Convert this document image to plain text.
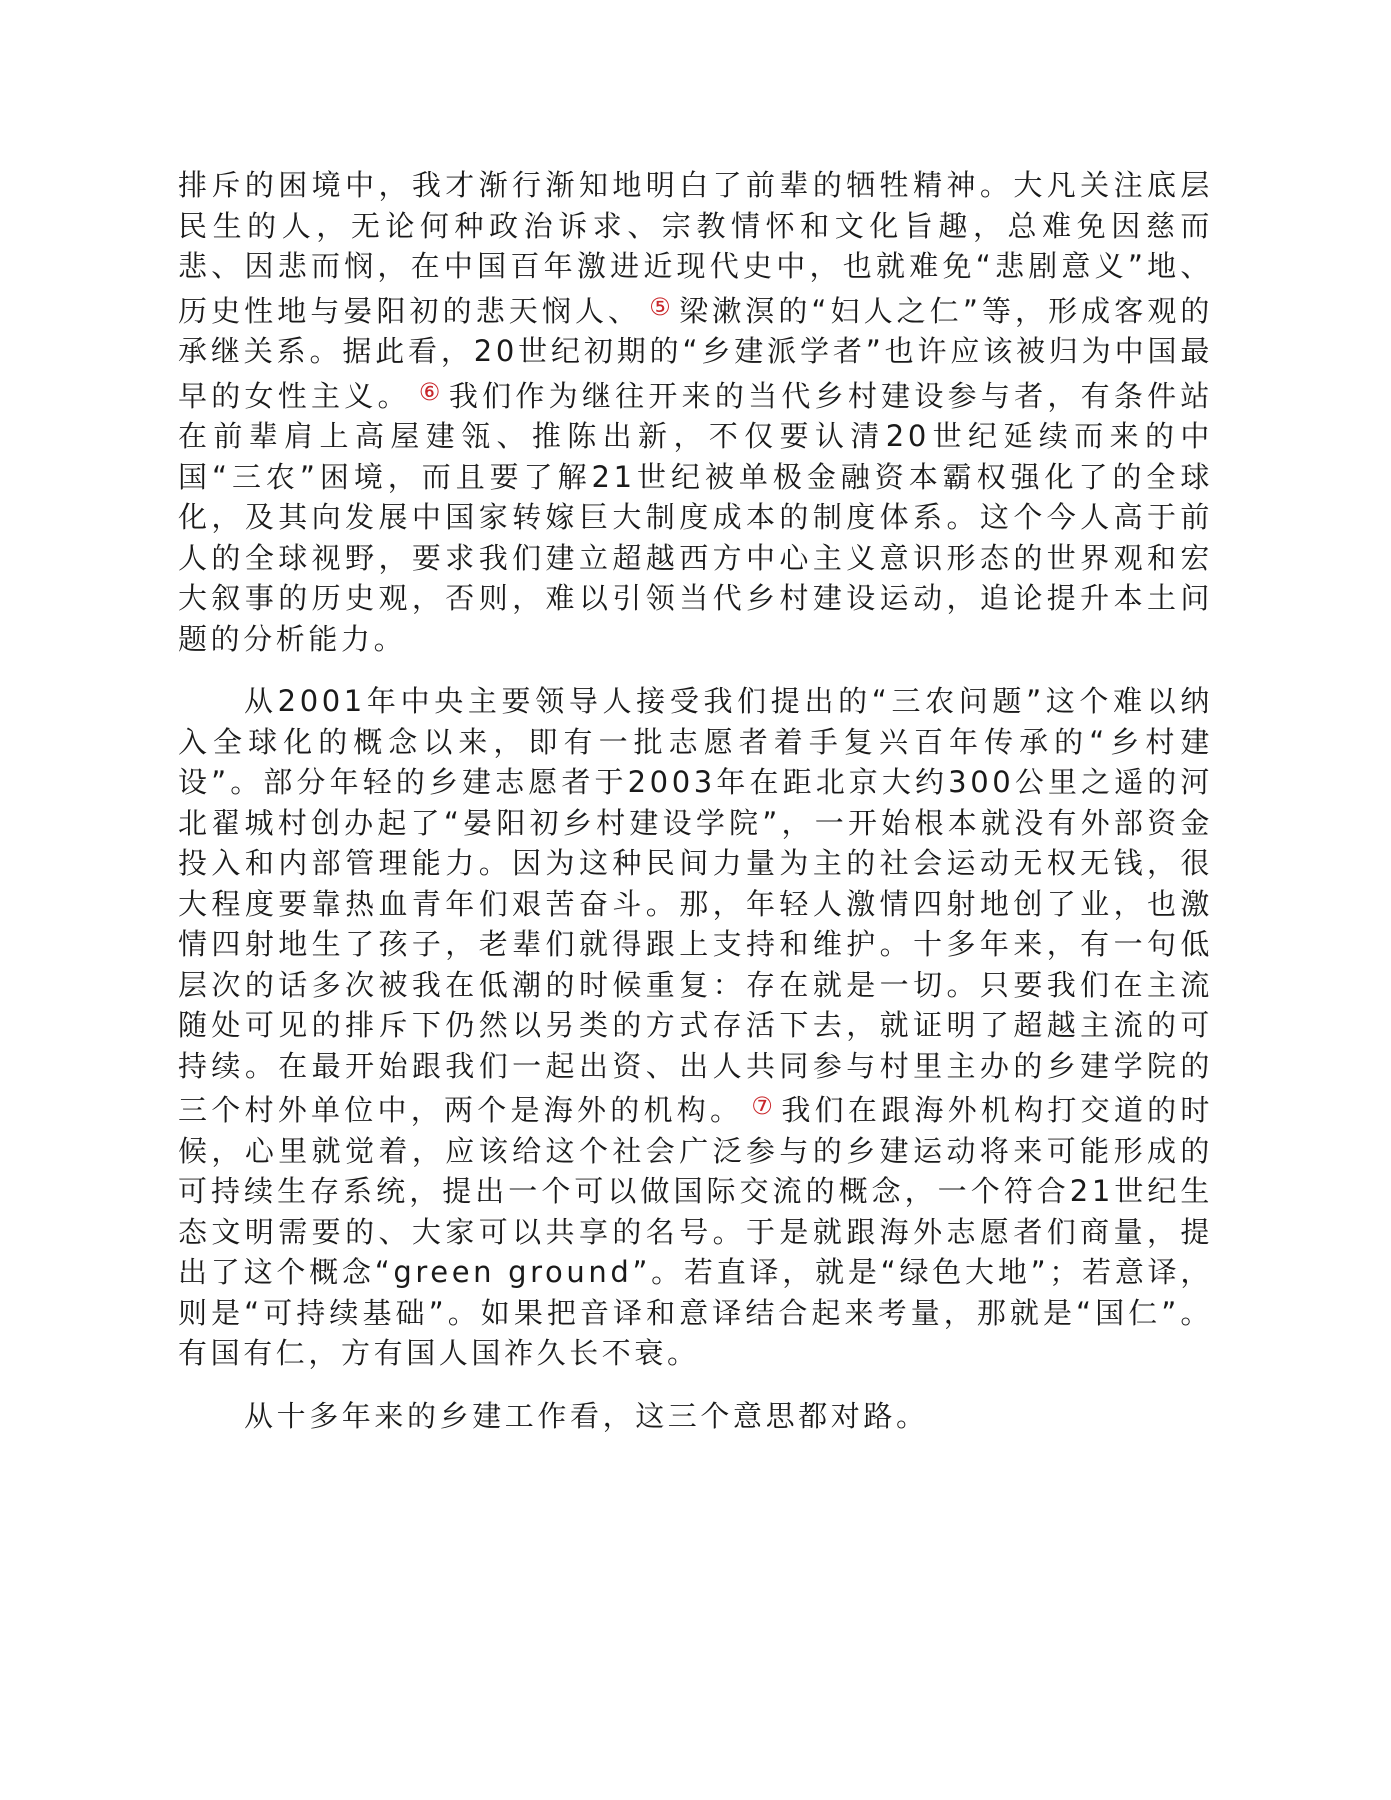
排斥的困境中，我才渐行渐知地明白了前辈的牺牲精神。大凡关注底层民生的人，无论何种政治诉求、宗教情怀和文化旨趣，总难免因慈而悲、因悲而悯，在中国百年激进近现代史中，也就难免“悲剧意义”地、历史性地与晏阳初的悲天悯人、 ⑤ 梁漱溟的“妇人之仁”等，形成客观的承继关系。据此看，20世纪初期的“乡建派学者”也许应该被归为中国最早的女性主义。 ⑥ 我们作为继往开来的当代乡村建设参与者，有条件站在前辈肩上高屋建瓴、推陈出新，不仅要认清20世纪延续而来的中国“三农”困境，而且要了解21世纪被单极金融资本霸权强化了的全球化，及其向发展中国家转嫁巨大制度成本的制度体系。这个今人高于前人的全球视野，要求我们建立超越西方中心主义意识形态的世界观和宏大叙事的历史观，否则，难以引领当代乡村建设运动，追论提升本土问题的分析能力。

从2001年中央主要领导人接受我们提出的“三农问题”这个难以纳入全球化的概念以来，即有一批志愿者着手复兴百年传承的“乡村建设”。部分年轻的乡建志愿者于2003年在距北京大约300公里之遥的河北翟城村创办起了“晏阳初乡村建设学院”，一开始根本就没有外部资金投入和内部管理能力。因为这种民间力量为主的社会运动无权无钱，很大程度要靠热血青年们艰苦奋斗。那，年轻人激情四射地创了业，也激情四射地生了孩子，老辈们就得跟上支持和维护。十多年来，有一句低层次的话多次被我在低潮的时候重复：存在就是一切。只要我们在主流随处可见的排斥下仍然以另类的方式存活下去，就证明了超越主流的可持续。在最开始跟我们一起出资、出人共同参与村里主办的乡建学院的三个村外单位中，两个是海外的机构。 ⑦ 我们在跟海外机构打交道的时候，心里就觉着，应该给这个社会广泛参与的乡建运动将来可能形成的可持续生存系统，提出一个可以做国际交流的概念，一个符合21世纪生态文明需要的、大家可以共享的名号。于是就跟海外志愿者们商量，提出了这个概念“green ground”。若直译，就是“绿色大地”；若意译，则是“可持续基础”。如果把音译和意译结合起来考量，那就是“国仁”。有国有仁，方有国人国祚久长不衰。

从十多年来的乡建工作看，这三个意思都对路。
